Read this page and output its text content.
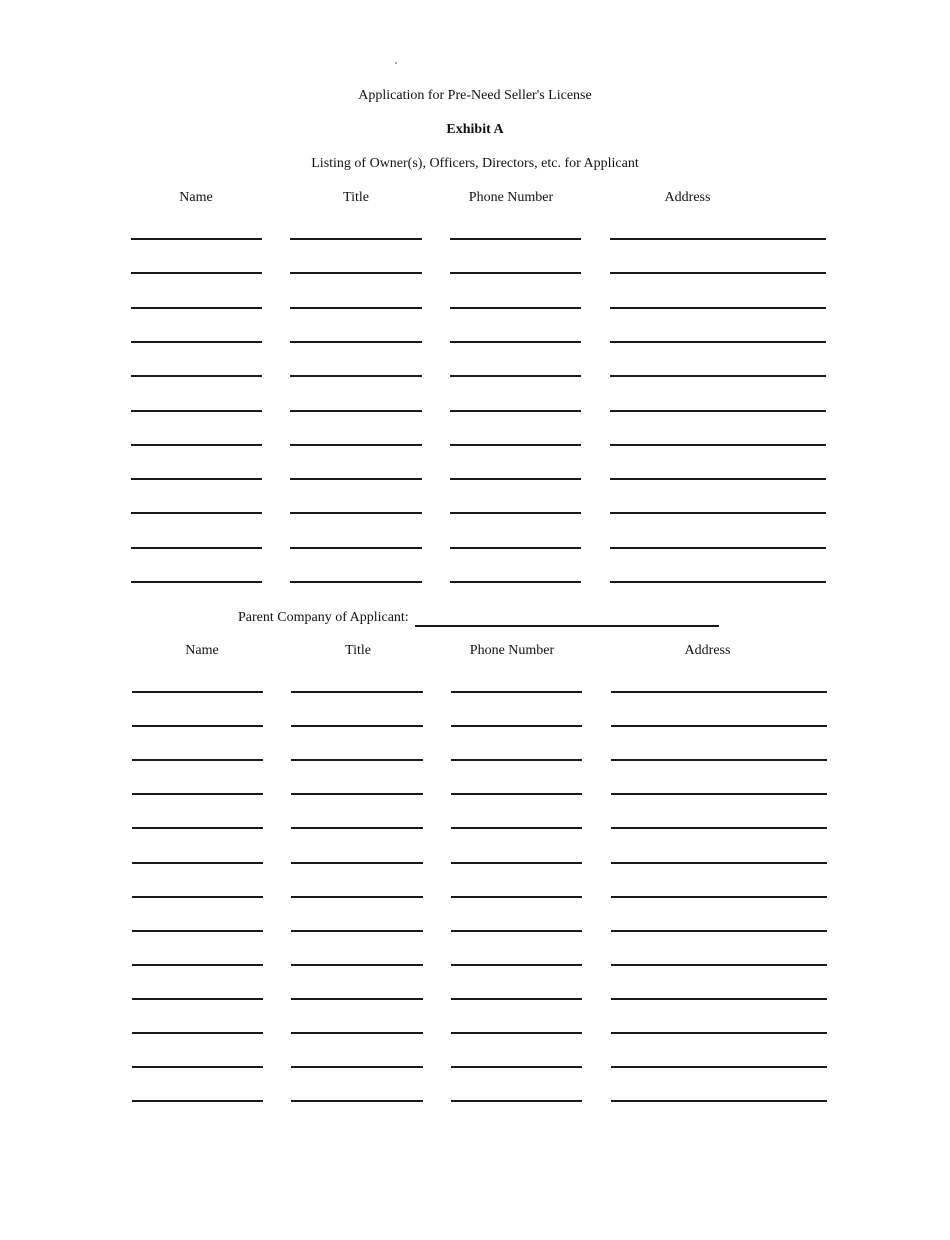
Application for Pre-Need Seller's License
Exhibit A
Listing of Owner(s), Officers, Directors, etc. for Applicant
Name	Title	Phone Number	Address
Parent Company of Applicant:
Name	Title	Phone Number	Address
